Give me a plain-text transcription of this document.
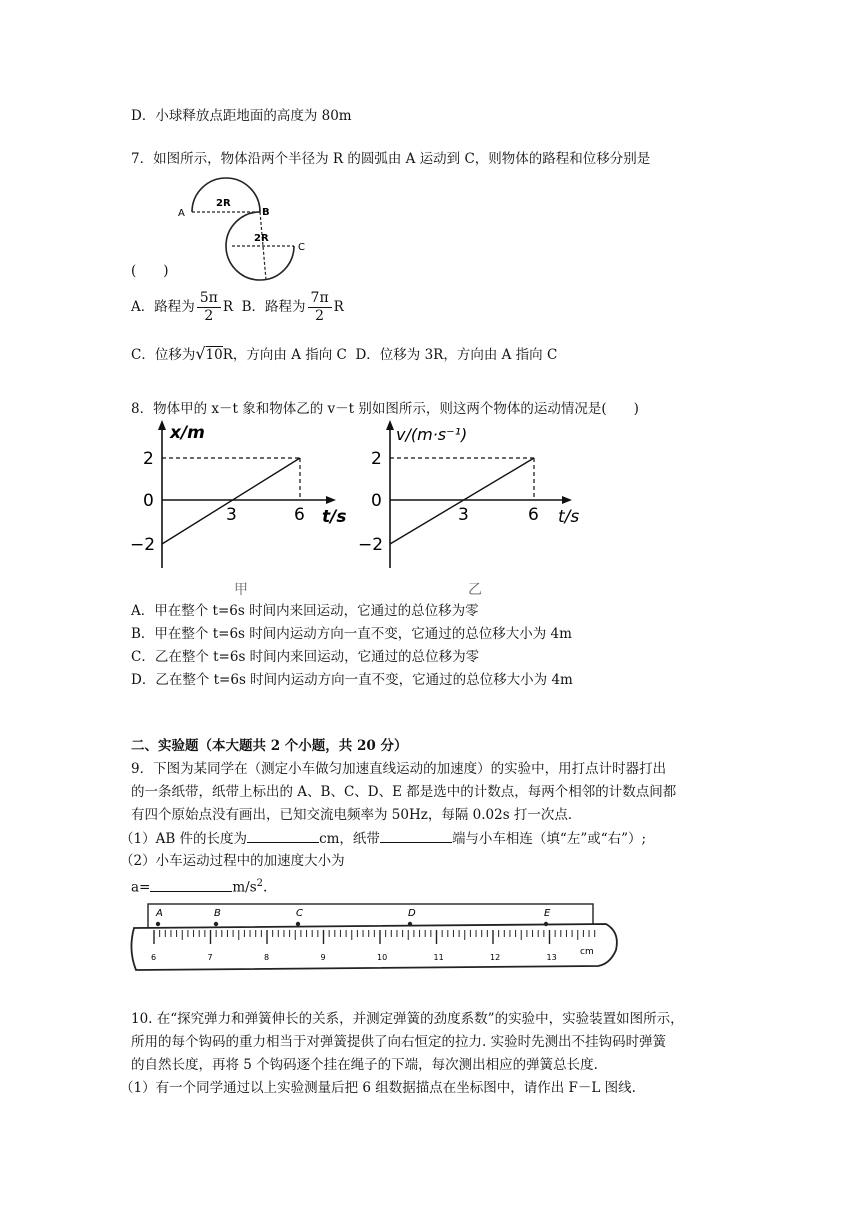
D．小球释放点距地面的高度为 80m
7．如图所示，物体沿两个半径为 R 的圆弧由 A 运动到 C，则物体的路程和位移分别是
A
2R
B
2R
C
(　　)
A．路程为 $\frac{5\pi}{2}$ R B．路程为 $\frac{7\pi}{2}$ R
C．位移为√10R，方向由 A 指向 C D．位移为 3R，方向由 A 指向 C
8．物体甲的 x－t 象和物体乙的 v－t 别如图所示，则这两个物体的运动情况是(　　)
x/m
2
0
−2
3	6 t/s
甲
v/(m·s⁻¹)
2
0
−2
3	6 t/s
乙
A．甲在整个 t=6s 时间内来回运动，它通过的总位移为零
B．甲在整个 t=6s 时间内运动方向一直不变，它通过的总位移大小为 4m
C．乙在整个 t=6s 时间内来回运动，它通过的总位移为零
D．乙在整个 t=6s 时间内运动方向一直不变，它通过的总位移大小为 4m
二、实验题（本大题共 2 个小题，共 20 分）
9．下图为某同学在（测定小车做匀加速直线运动的加速度）的实验中，用打点计时器打出
的一条纸带，纸带上标出的 A、B、C、D、E 都是选中的计数点，每两个相邻的计数点间都
有四个原始点没有画出，已知交流电频率为 50Hz，每隔 0.02s 打一次点．
（1）AB 件的长度为	cm，纸带	端与小车相连（填“左”或“右”）;
（2）小车运动过程中的加速度大小为
a=	$m/s^2$.
6	7	8	9	10	11	12	13
A	B	C	D	E
cm
10. 在“探究弹力和弹簧伸长的关系，并测定弹簧的劲度系数”的实验中，实验装置如图所示，
所用的每个钩码的重力相当于对弹簧提供了向右恒定的拉力. 实验时先测出不挂钩码时弹簧
的自然长度，再将 5 个钩码逐个挂在绳子的下端，每次测出相应的弹簧总长度.
（1）有一个同学通过以上实验测量后把 6 组数据描点在坐标图中，请作出 F－L 图线.
